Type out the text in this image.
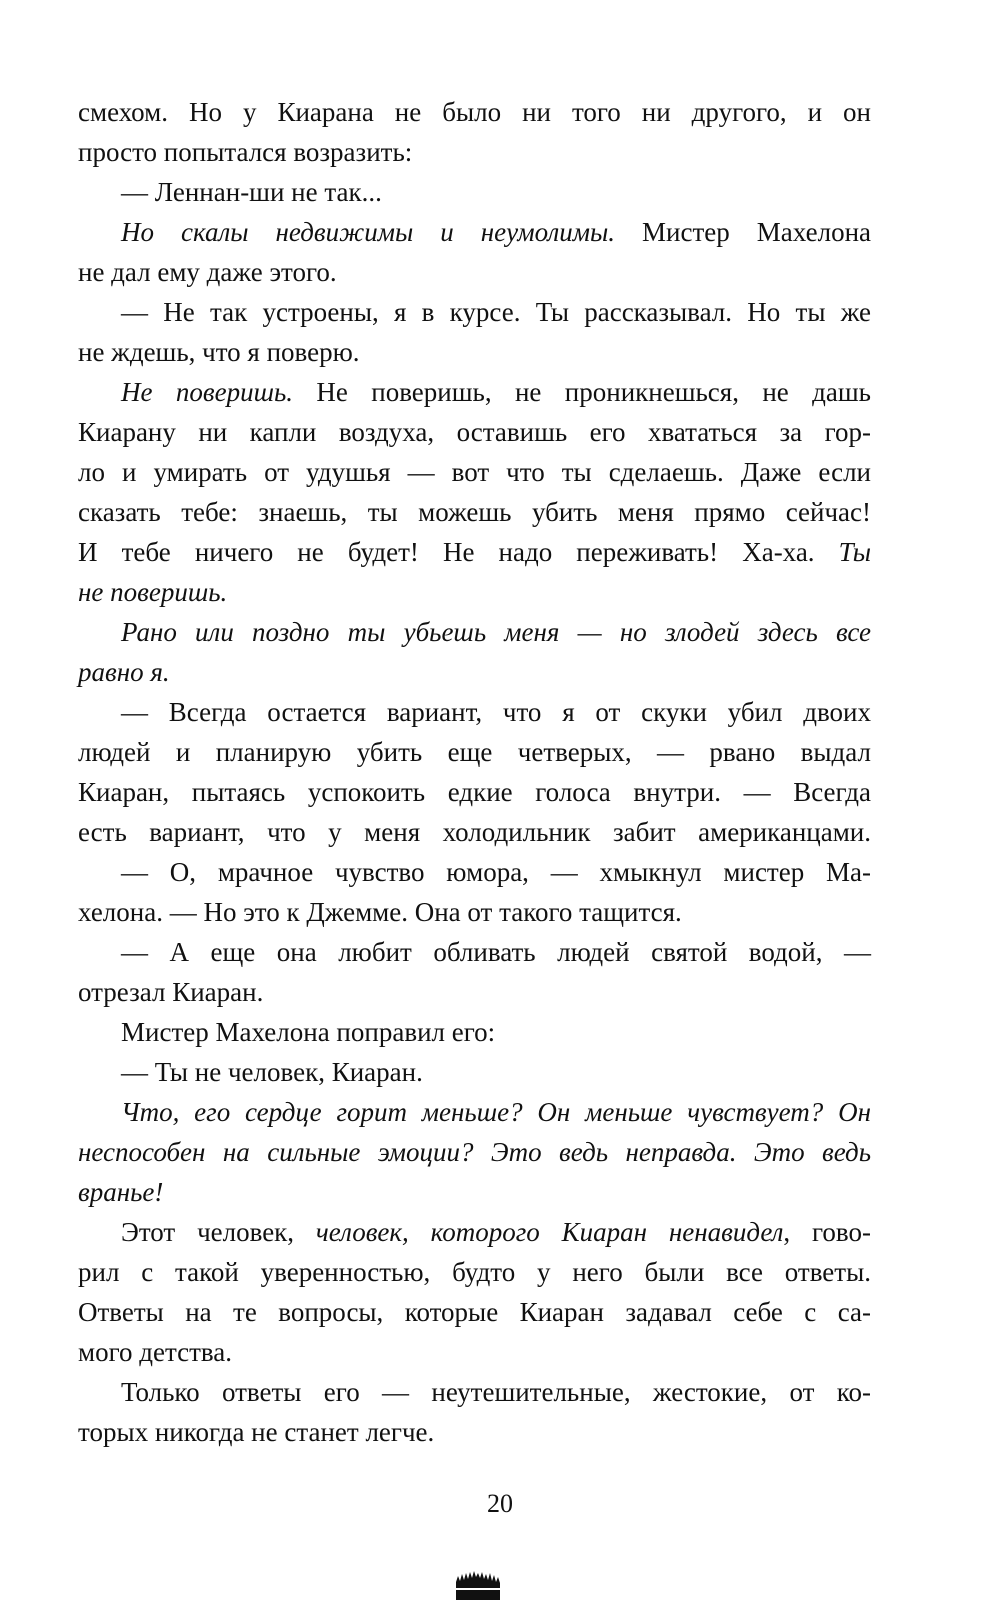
смехом. Но у Киарана не было ни того ни другого, и он
просто попытался возразить:
— Леннан-ши не так...
Но скалы недвижимы и неумолимы. Мистер Махелона
не дал ему даже этого.
— Не так устроены, я в курсе. Ты рассказывал. Но ты же
не ждешь, что я поверю.
Не поверишь. Не поверишь, не проникнешься, не дашь
Киарану ни капли воздуха, оставишь его хвататься за гор-
ло и умирать от удушья — вот что ты сделаешь. Даже если
сказать тебе: знаешь, ты можешь убить меня прямо сейчас!
И тебе ничего не будет! Не надо переживать! Ха-ха. Ты
не поверишь.
Рано или поздно ты убьешь меня — но злодей здесь все
равно я.
— Всегда остается вариант, что я от скуки убил двоих
людей и планирую убить еще четверых, — рвано выдал
Киаран, пытаясь успокоить едкие голоса внутри. — Всегда
есть вариант, что у меня холодильник забит американцами.
— О, мрачное чувство юмора, — хмыкнул мистер Ма-
хелона. — Но это к Джемме. Она от такого тащится.
— А еще она любит обливать людей святой водой, —
отрезал Киаран.
Мистер Махелона поправил его:
— Ты не человек, Киаран.
Что, его сердце горит меньше? Он меньше чувствует? Он
неспособен на сильные эмоции? Это ведь неправда. Это ведь
вранье!
Этот человек, человек, которого Киаран ненавидел, гово-
рил с такой уверенностью, будто у него были все ответы.
Ответы на те вопросы, которые Киаран задавал себе с са-
мого детства.
Только ответы его — неутешительные, жестокие, от ко-
торых никогда не станет легче.
20
